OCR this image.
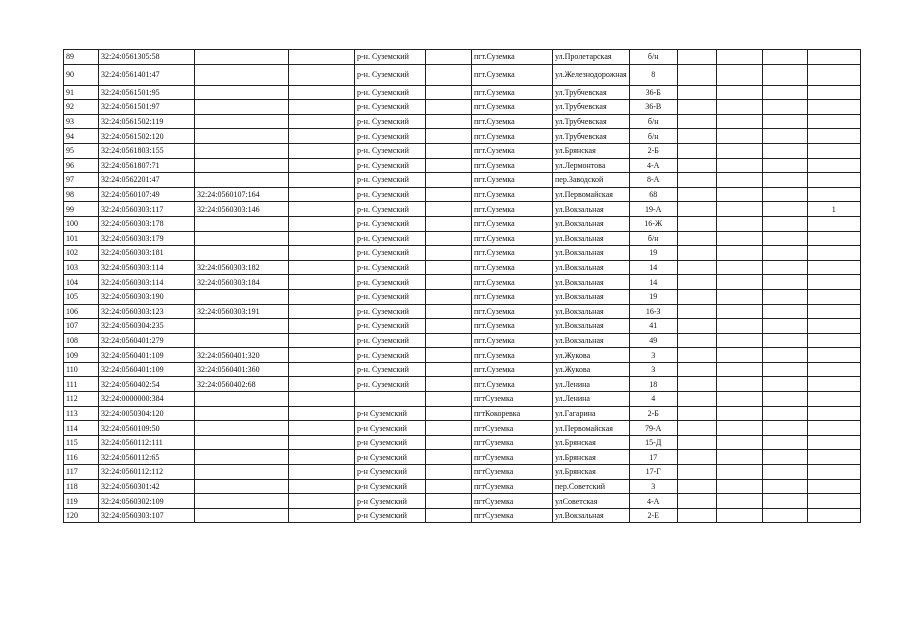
89	32:24:0561305:58			р-н. Суземский		пгт.Суземка	ул.Пролетарская	б/н				
90	32:24:0561401:47			р-н. Суземский		пгт.Суземка	ул.Железнодорожная	8				
91	32:24:0561501:95			р-н. Суземский		пгт.Суземка	ул.Трубчевская	36-Б				
92	32:24:0561501:97			р-н. Суземский		пгт.Суземка	ул.Трубчевская	36-В				
93	32:24:0561502:119			р-н. Суземский		пгт.Суземка	ул.Трубчевская	б/н				
94	32:24:0561502:120			р-н. Суземский		пгт.Суземка	ул.Трубчевская	б/н				
95	32:24:0561803:155			р-н. Суземский		пгт.Суземка	ул.Брянская	2-Б				
96	32:24:0561807:71			р-н. Суземский		пгт.Суземка	ул.Лермонтова	4-А				
97	32:24:0562201:47			р-н. Суземский		пгт.Суземка	пер.Заводской	8-А				
98	32:24:0560107:49	32:24:0560107:164		р-н. Суземский		пгт.Суземка	ул.Первомайская	68				
99	32:24:0560303:117	32:24:0560303:146		р-н. Суземский		пгт.Суземка	ул.Вокзальная	19-А				1
100	32:24:0560303:178			р-н. Суземский		пгт.Суземка	ул.Вокзальная	16-Ж				
101	32:24:0560303:179			р-н. Суземский		пгт.Суземка	ул.Вокзальная	б/н				
102	32:24:0560303:181			р-н. Суземский		пгт.Суземка	ул.Вокзальная	19				
103	32:24:0560303:114	32:24:0560303:182		р-н. Суземский		пгт.Суземка	ул.Вокзальная	14				
104	32:24:0560303:114	32:24:0560303:184		р-н. Суземский		пгт.Суземка	ул.Вокзальная	14				
105	32:24:0560303:190			р-н. Суземский		пгт.Суземка	ул.Вокзальная	19				
106	32:24:0560303:123	32:24:0560303:191		р-н. Суземский		пгт.Суземка	ул.Вокзальная	16-З				
107	32:24:0560304:235			р-н. Суземский		пгт.Суземка	ул.Вокзальная	41				
108	32:24:0560401:279			р-н. Суземский		пгт.Суземка	ул.Вокзальная	49				
109	32:24:0560401:109	32:24:0560401:320		р-н. Суземский		пгт.Суземка	ул.Жукова	3				
110	32:24:0560401:109	32:24:0560401:360		р-н. Суземский		пгт.Суземка	ул.Жукова	3				
111	32:24:0560402:54	32:24:0560402:68		р-н. Суземский		пгт.Суземка	ул.Ленина	18				
112	32:24:0000000:384					пгтСуземка	ул.Ленина	4				
113	32:24:0050304:120			р-н Суземский		пгтКокоревка	ул.Гагарина	2-Б				
114	32:24:0560109:50			р-н Суземский		пгтСуземка	ул.Первомайская	79-А				
115	32:24:0560112:111			р-н Суземский		пгтСуземка	ул.Брянская	15-Д				
116	32:24:0560112:65			р-н Суземский		пгтСуземка	ул.Брянская	17				
117	32:24:0560112:112			р-н Суземский		пгтСуземка	ул.Брянская	17-Г				
118	32:24:0560301:42			р-н Суземский		пгтСуземка	пер.Советский	3				
119	32:24:0560302:109			р-н Суземский		пгтСуземка	улСоветская	4-А				
120	32:24:0560303:107			р-н Суземский		пгтСуземка	ул.Вокзальная	2-Е				
